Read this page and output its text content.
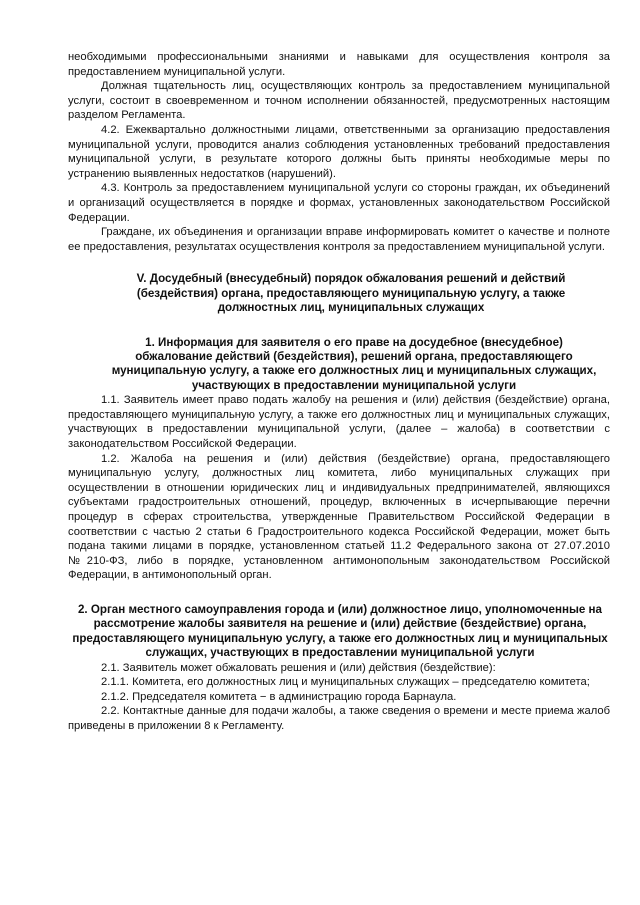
необходимыми профессиональными знаниями и навыками для осуществления контроля за предоставлением муниципальной услуги.

Должная тщательность лиц, осуществляющих контроль за предоставлением муниципальной услуги, состоит в своевременном и точном исполнении обязанностей, предусмотренных настоящим разделом Регламента.

4.2. Ежеквартально должностными лицами, ответственными за организацию предоставления муниципальной услуги, проводится анализ соблюдения установленных требований предоставления муниципальной услуги, в результате которого должны быть приняты необходимые меры по устранению выявленных недостатков (нарушений).

4.3. Контроль за предоставлением муниципальной услуги со стороны граждан, их объединений и организаций осуществляется в порядке и формах, установленных законодательством Российской Федерации.

Граждане, их объединения и организации вправе информировать комитет о качестве и полноте ее предоставления, результатах осуществления контроля за предоставлением муниципальной услуги.

V. Досудебный (внесудебный) порядок обжалования решений и действий (бездействия) органа, предоставляющего муниципальную услугу, а также должностных лиц, муниципальных служащих

1. Информация для заявителя о его праве на досудебное (внесудебное) обжалование действий (бездействия), решений органа, предоставляющего муниципальную услугу, а также его должностных лиц и муниципальных служащих, участвующих в предоставлении муниципальной услуги

1.1. Заявитель имеет право подать жалобу на решения и (или) действия (бездействие) органа, предоставляющего муниципальную услугу, а также его должностных лиц и муниципальных служащих, участвующих в предоставлении муниципальной услуги, (далее – жалоба) в соответствии с законодательством Российской Федерации.

1.2. Жалоба на решения и (или) действия (бездействие) органа, предоставляющего муниципальную услугу, должностных лиц комитета, либо муниципальных служащих при осуществлении в отношении юридических лиц и индивидуальных предпринимателей, являющихся субъектами градостроительных отношений, процедур, включенных в исчерпывающие перечни процедур в сферах строительства, утвержденные Правительством Российской Федерации в соответствии с частью 2 статьи 6 Градостроительного кодекса Российской Федерации, может быть подана такими лицами в порядке, установленном статьей 11.2 Федерального закона от 27.07.2010 №210-ФЗ, либо в порядке, установленном антимонопольным законодательством Российской Федерации, в антимонопольный орган.

2. Орган местного самоуправления города и (или) должностное лицо, уполномоченные на рассмотрение жалобы заявителя на решение и (или) действие (бездействие) органа, предоставляющего муниципальную услугу, а также его должностных лиц и муниципальных служащих, участвующих в предоставлении муниципальной услуги

2.1. Заявитель может обжаловать решения и (или) действия (бездействие):

2.1.1. Комитета, его должностных лиц и муниципальных служащих – председателю комитета;

2.1.2. Председателя комитета − в администрацию города Барнаула.

2.2. Контактные данные для подачи жалобы, а также сведения о времени и месте приема жалоб приведены в приложении 8 к Регламенту.
